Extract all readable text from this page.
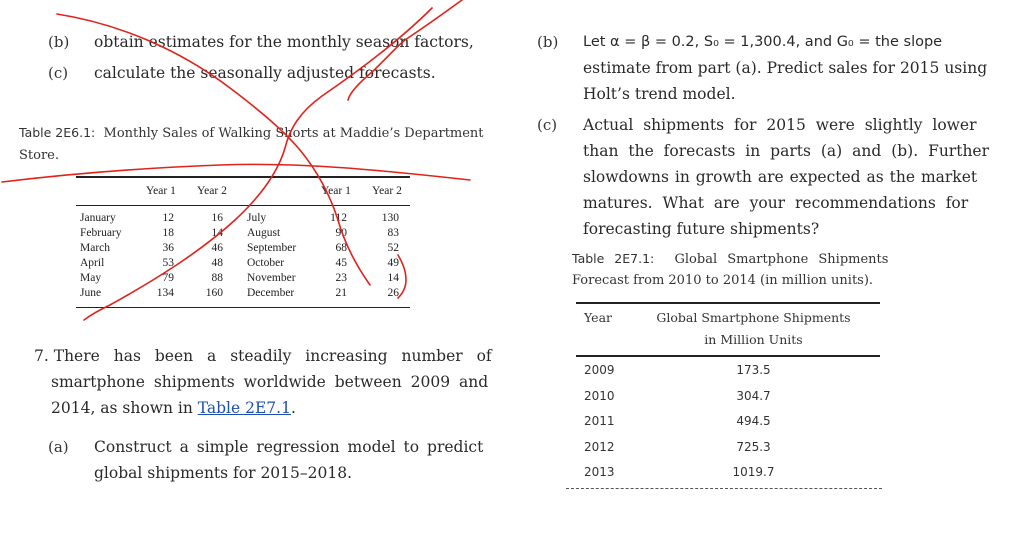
(b) obtain estimates for the monthly season factors,
(c) calculate the seasonally adjusted forecasts.
Table 2E6.1: Monthly Sales of Walking Shorts at Maddie’s Department
Store.
Year 1 Year 2	Year 1 Year 2
January	12	16 July	112	130
February	18	14 August	90	83
March	36	46 September	68	52
April	53	48 October	45	49
May	79	88 November	23	14
June	134	160 December	21	26
7. There has been a steadily increasing number of
smartphone shipments worldwide between 2009 and
2014, as shown in Table 2E7.1.
(a) Construct a simple regression model to predict
global shipments for 2015–2018.
(b) Let α = β = 0.2, S₀ = 1,300.4, and G₀ = the slope
estimate from part (a). Predict sales for 2015 using
Holt’s trend model.
(c) Actual shipments for 2015 were slightly lower
than the forecasts in parts (a) and (b). Further
slowdowns in growth are expected as the market
matures. What are your recommendations for
forecasting future shipments?
Table 2E7.1: Global Smartphone Shipments
Forecast from 2010 to 2014 (in million units).
Year	Global Smartphone Shipments
in Million Units
2009	173.5
2010	304.7
2011	494.5
2012	725.3
2013	1019.7
